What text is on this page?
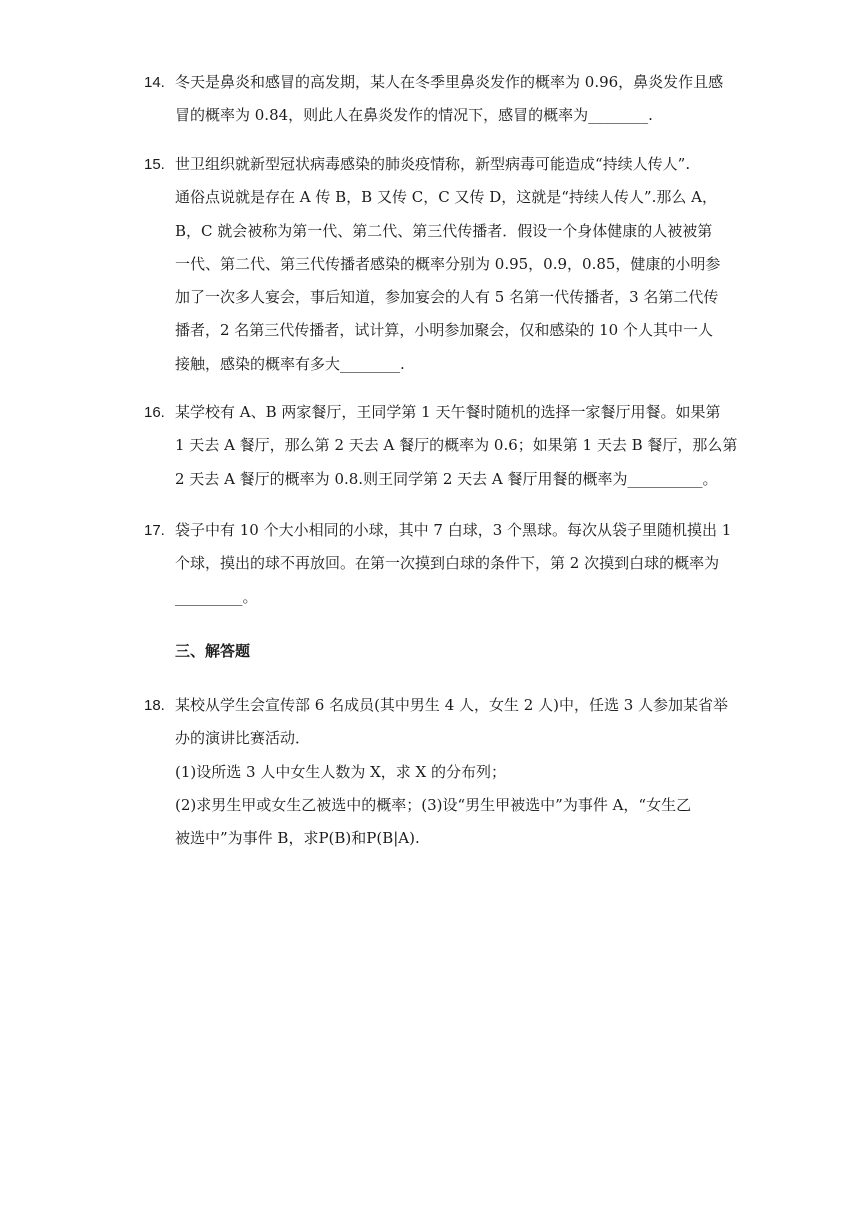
14. 冬天是鼻炎和感冒的高发期，某人在冬季里鼻炎发作的概率为 0.96，鼻炎发作且感
冒的概率为 0.84，则此人在鼻炎发作的情况下，感冒的概率为________.
15. 世卫组织就新型冠状病毒感染的肺炎疫情称，新型病毒可能造成“持续人传人”.
通俗点说就是存在 A 传 B，B 又传 C，C 又传 D，这就是“持续人传人”.那么 A，
B，C 就会被称为第一代、第二代、第三代传播者．假设一个身体健康的人被被第
一代、第二代、第三代传播者感染的概率分别为 0.95，0.9，0.85，健康的小明参
加了一次多人宴会，事后知道，参加宴会的人有 5 名第一代传播者，3 名第二代传
播者，2 名第三代传播者，试计算，小明参加聚会，仅和感染的 10 个人其中一人
接触，感染的概率有多大________.
16. 某学校有 A、B 两家餐厅，王同学第 1 天午餐时随机的选择一家餐厅用餐。如果第
1 天去 A 餐厅，那么第 2 天去 A 餐厅的概率为 0.6；如果第 1 天去 B 餐厅，那么第
2 天去 A 餐厅的概率为 0.8.则王同学第 2 天去 A 餐厅用餐的概率为__________。
17. 袋子中有 10 个大小相同的小球，其中 7 白球，3 个黑球。每次从袋子里随机摸出 1
个球，摸出的球不再放回。在第一次摸到白球的条件下，第 2 次摸到白球的概率为
_________。
三、解答题
18. 某校从学生会宣传部 6 名成员(其中男生 4 人，女生 2 人)中，任选 3 人参加某省举
办的演讲比赛活动．
(1)设所选 3 人中女生人数为 X，求 X 的分布列；
(2)求男生甲或女生乙被选中的概率；(3)设“男生甲被选中”为事件 A，“女生乙
被选中”为事件 B，求P(B)和P(B|A).
